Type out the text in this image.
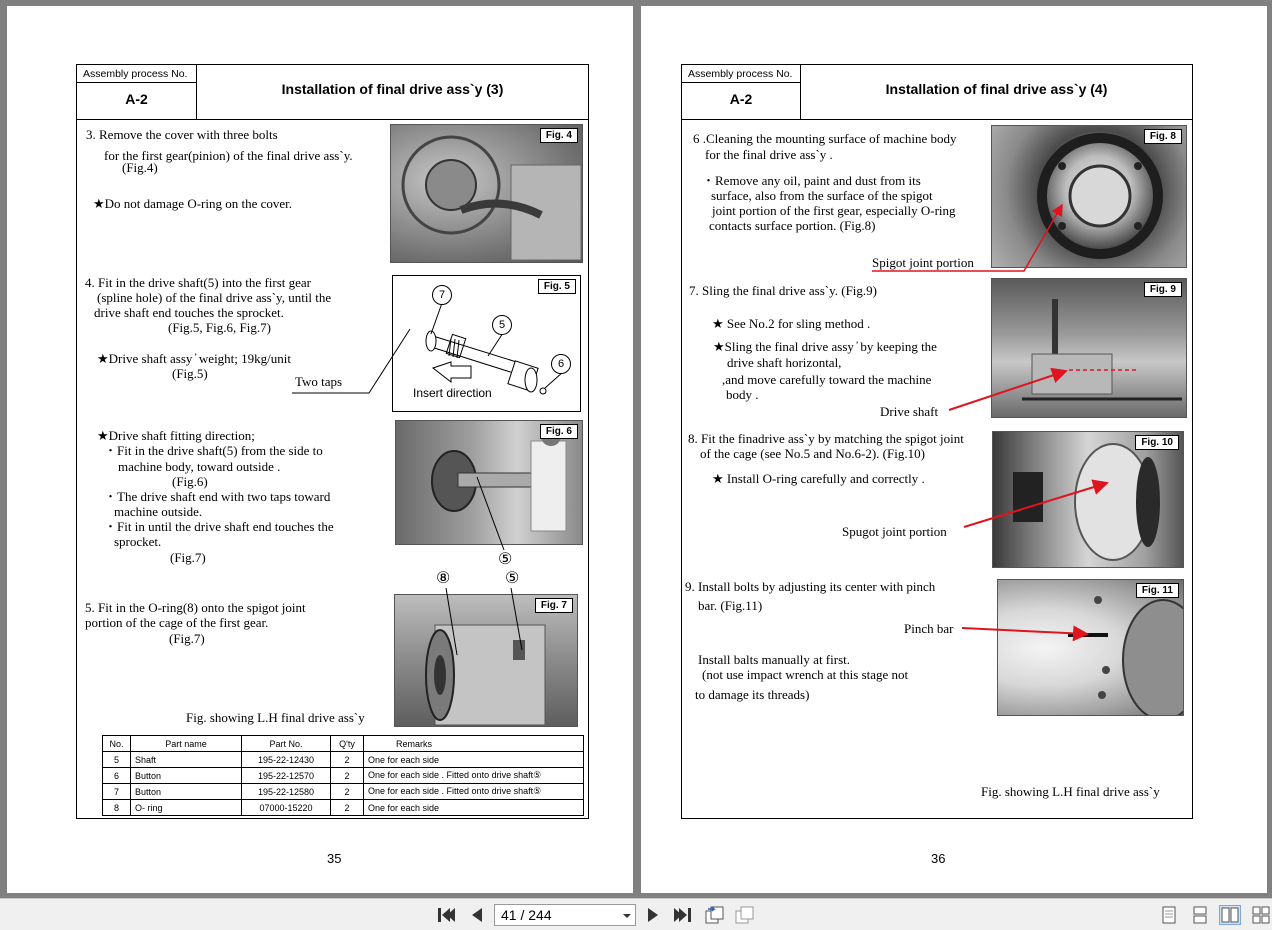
Assembly process No.
A-2
Installation of final drive ass`y (3)
3. Remove the cover with three bolts
for the first gear(pinion) of the final drive ass`y.
(Fig.4)
★Do not damage O-ring on the cover.
Fig. 4
4. Fit in the drive shaft(5) into the first gear
(spline hole) of the final drive ass`y, until the
drive shaft end touches the sprocket.
(Fig.5, Fig.6, Fig.7)
★Drive shaft assy ̓ weight; 19kg/unit
(Fig.5)
Two taps
Fig. 5
7
5
6
Insert direction
★Drive shaft fitting direction;
・Fit in the drive shaft(5) from the side to
machine body, toward outside .
(Fig.6)
・The drive shaft end with two taps toward
machine outside.
・Fit in until the drive shaft end touches the
sprocket.
(Fig.7)
Fig. 6
⑤
⑧	⑤
5. Fit in the O-ring(8) onto the spigot joint
portion of the cage of the first gear.
(Fig.7)
Fig. showing L.H final drive ass`y
Fig. 7
No.	Part name	Part No.	Q'ty	Remarks
5	Shaft	195-22-12430	2	One for each side
6	Button	195-22-12570	2	One for each side . Fitted onto drive shaft⑤
7	Button	195-22-12580	2	One for each side . Fitted onto drive shaft⑤
8	O- ring	07000-15220	2	One for each side
35
Assembly process No.
A-2
Installation of final drive ass`y (4)
6 .Cleaning the mounting surface of machine body
for the final drive ass`y .
・Remove any oil, paint and dust from its
surface, also from the surface of the spigot
joint portion of the first gear, especially O-ring
contacts surface portion. (Fig.8)
Spigot joint portion
Fig. 8
7. Sling the final drive ass`y. (Fig.9)
★ See No.2 for sling method .
★Sling the final drive assy ̓ by keeping the
drive shaft horizontal,
,and move carefully toward the machine
body .
Drive shaft
Fig. 9
8. Fit the finadrive ass`y by matching the spigot joint
of the cage (see No.5 and No.6-2). (Fig.10)
★ Install O-ring carefully and correctly .
Spugot joint portion
Fig. 10
9. Install bolts by adjusting its center with pinch
bar. (Fig.11)
Pinch bar
Install balts manually at first.
(not use impact wrench at this stage not
to damage its threads)
Fig. 11
Fig. showing L.H final drive ass`y
36
41 / 244
